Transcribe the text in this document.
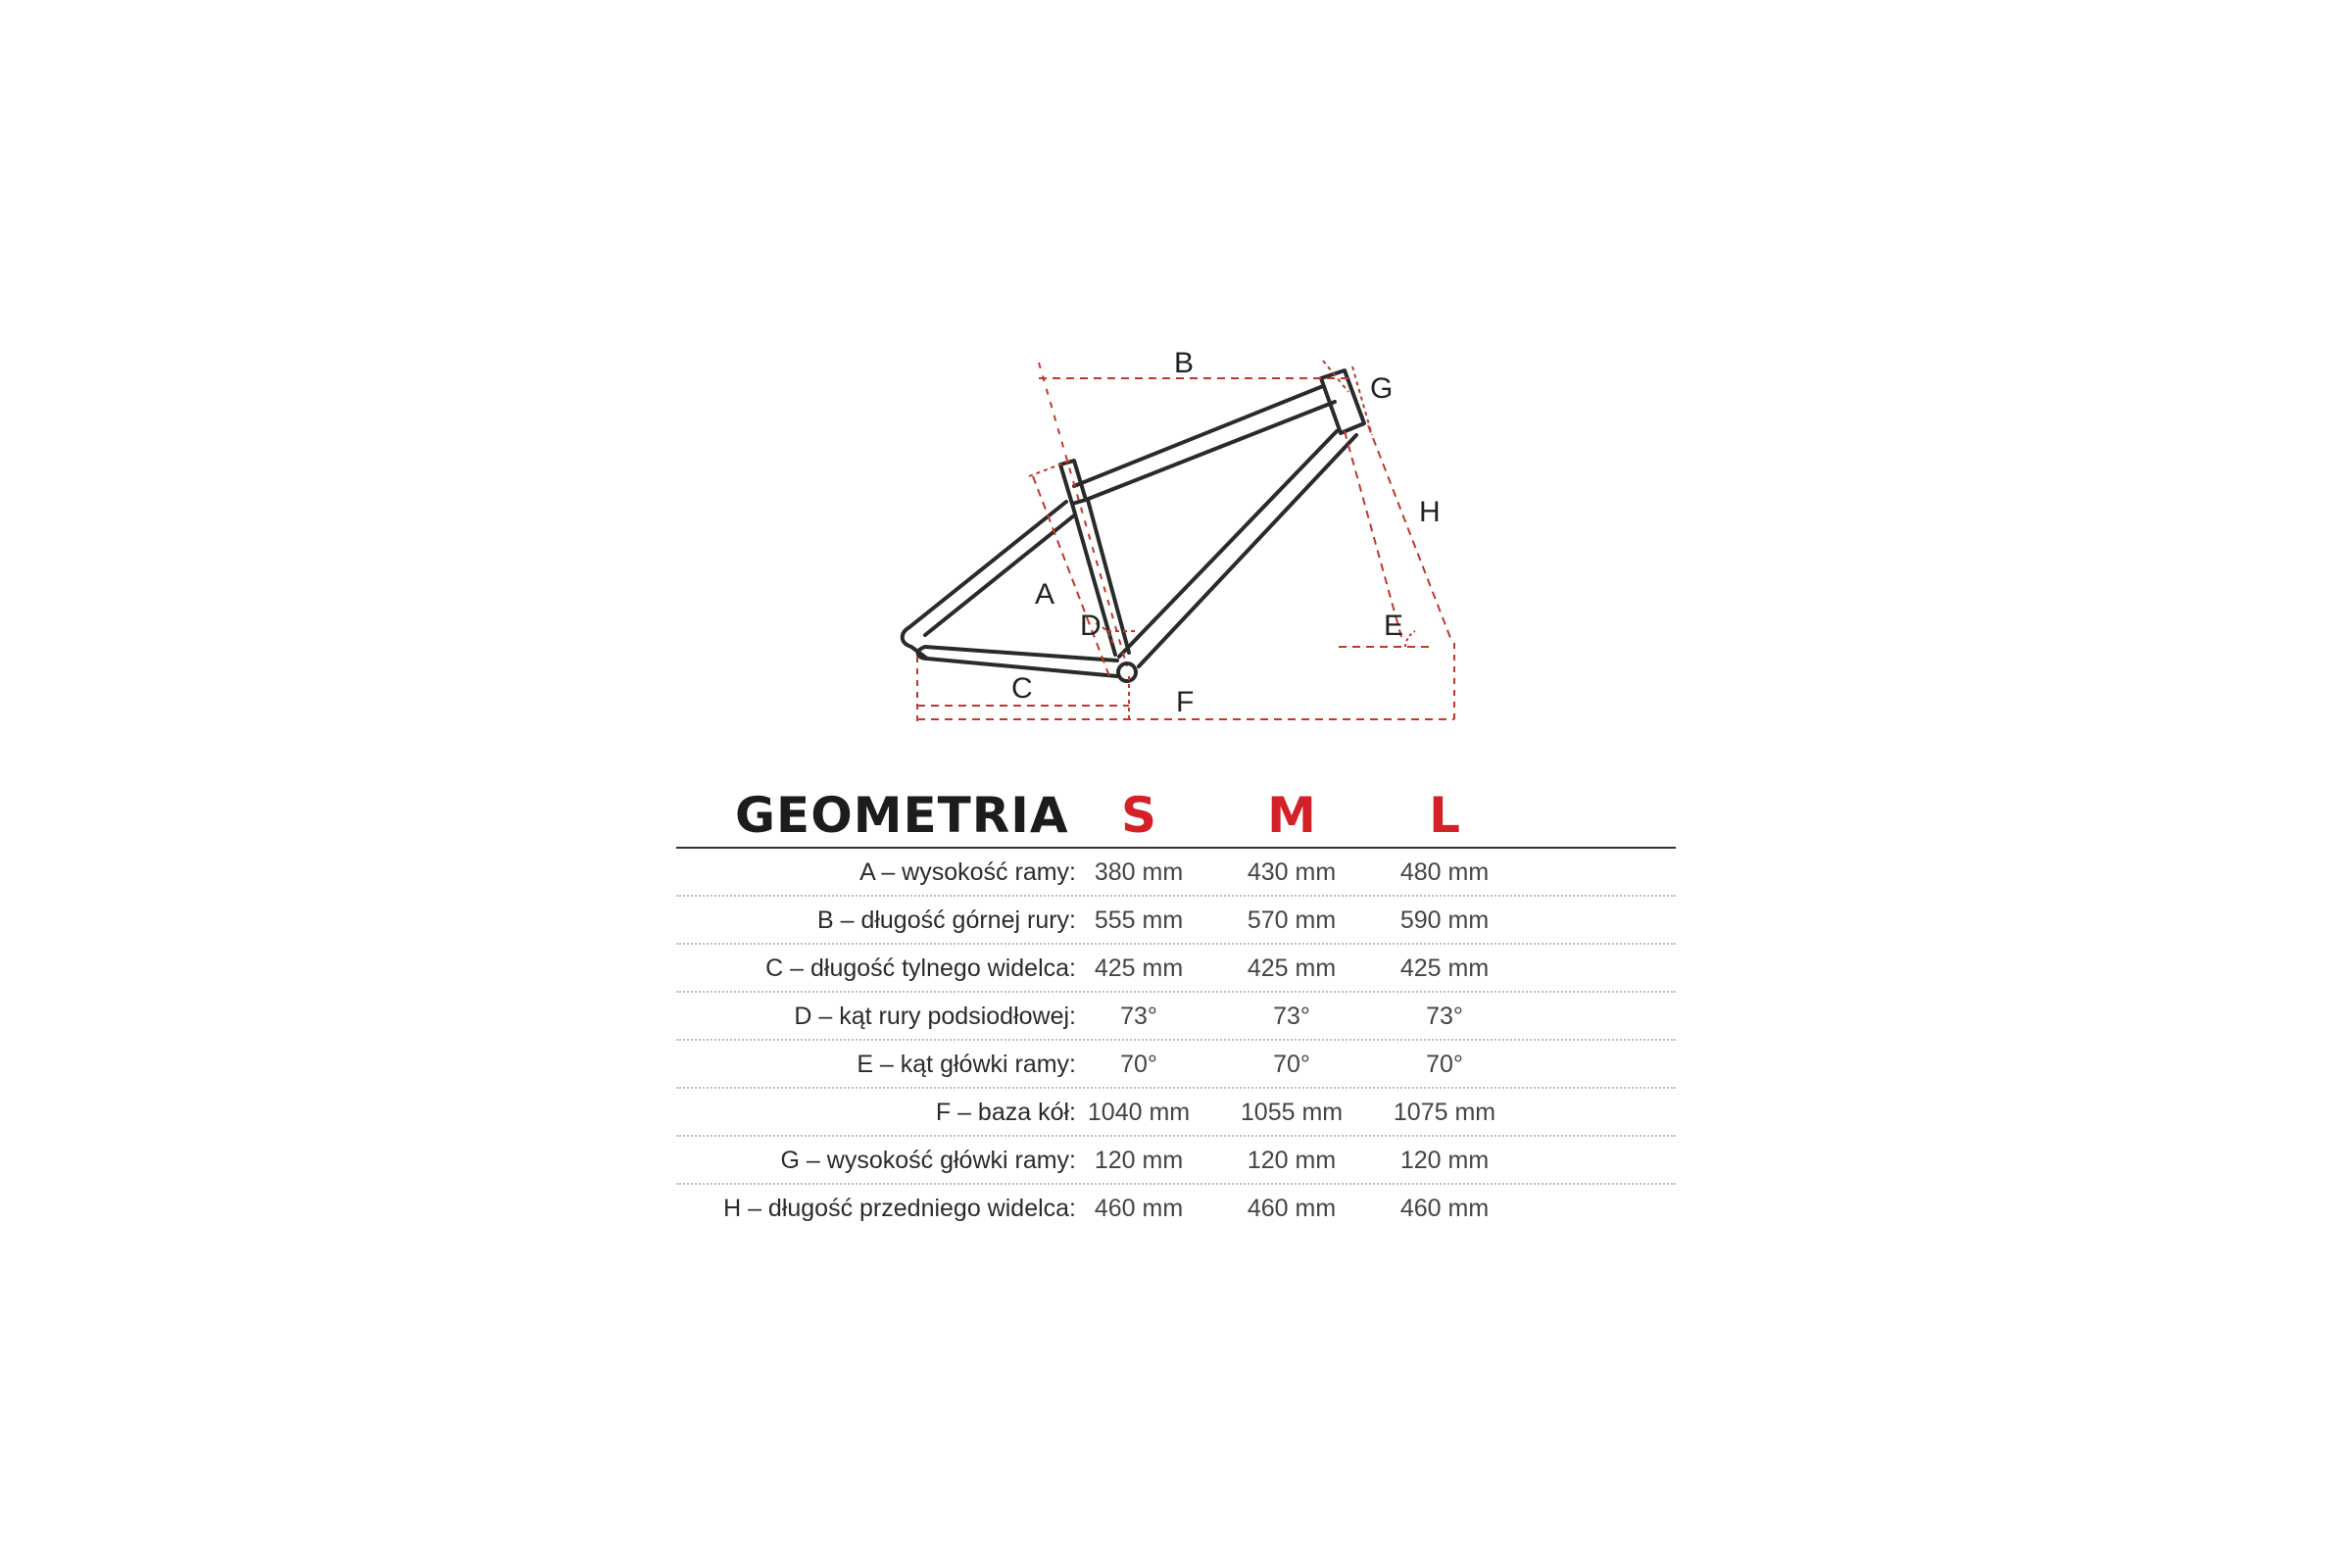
B
G
H
A
D	E
C	F
GEOMETRIA	S	M	L
A – wysokość ramy: 380 mm	430 mm	480 mm
B – długość górnej rury: 555 mm	570 mm	590 mm
C – długość tylnego widelca: 425 mm	425 mm	425 mm
D – kąt rury podsiodłowej:	73°	73°	73°
E – kąt główki ramy:	70°	70°	70°
F – baza kół: 1040 mm	1055 mm	1075 mm
G – wysokość główki ramy: 120 mm	120 mm	120 mm
H – długość przedniego widelca: 460 mm	460 mm	460 mm
